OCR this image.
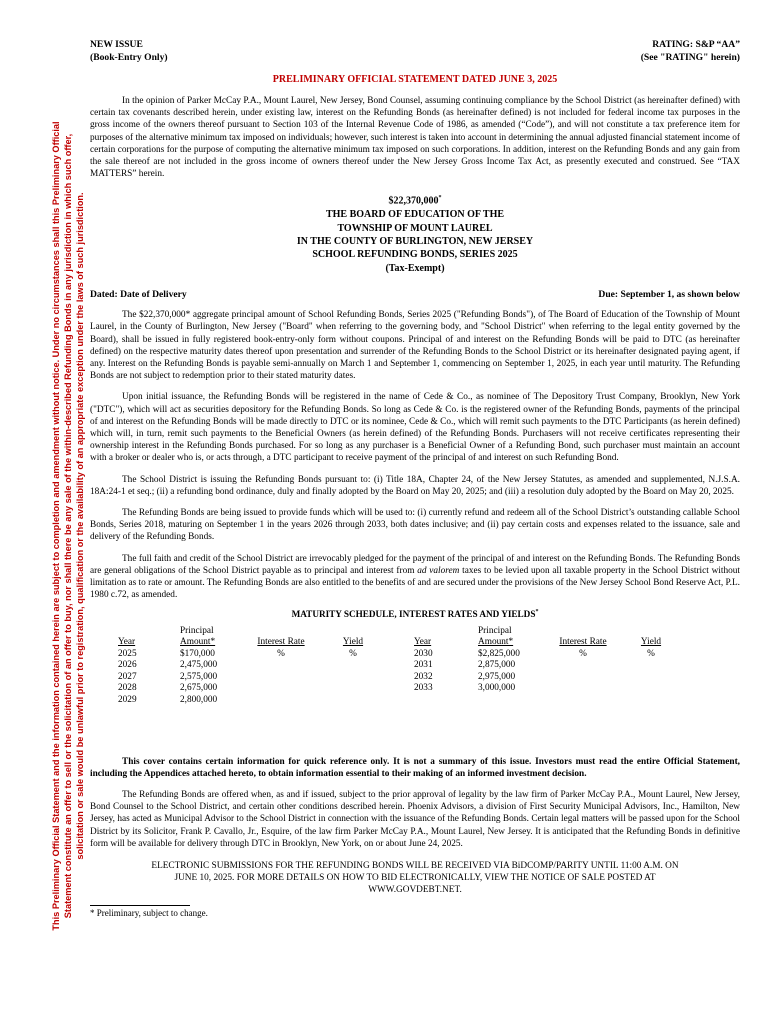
This Preliminary Official Statement and the information contained herein are subject to completion and amendment without notice. Under no circumstances shall this Preliminary Official Statement constitute an offer to sell or the solicitation of an offer to buy, nor shall there be any sale of the within-described Refunding Bonds in any jurisdiction in which such offer, solicitation or sale would be unlawful prior to registration, qualification or the availability of an appropriate exception under the laws of such jurisdiction.
NEW ISSUE
(Book-Entry Only)
RATING: S&P “AA”
(See "RATING" herein)
PRELIMINARY OFFICIAL STATEMENT DATED JUNE 3, 2025

In the opinion of Parker McCay P.A., Mount Laurel, New Jersey, Bond Counsel, assuming continuing compliance by the School District (as hereinafter defined) with certain tax covenants described herein, under existing law, interest on the Refunding Bonds (as hereinafter defined) is not included for federal income tax purposes in the gross income of the owners thereof pursuant to Section 103 of the Internal Revenue Code of 1986, as amended (“Code”), and will not constitute a tax preference item for purposes of the alternative minimum tax imposed on individuals; however, such interest is taken into account in determining the annual adjusted financial statement income of certain corporations for the purpose of computing the alternative minimum tax imposed on such corporations. In addition, interest on the Refunding Bonds and any gain from the sale thereof are not included in the gross income of owners thereof under the New Jersey Gross Income Tax Act, as presently executed and construed. See “TAX MATTERS” herein.

$22,370,000*
THE BOARD OF EDUCATION OF THE
TOWNSHIP OF MOUNT LAUREL
IN THE COUNTY OF BURLINGTON, NEW JERSEY
SCHOOL REFUNDING BONDS, SERIES 2025
(Tax-Exempt)
Dated: Date of Delivery	Due: September 1, as shown below

The $22,370,000* aggregate principal amount of School Refunding Bonds, Series 2025 ("Refunding Bonds"), of The Board of Education of the Township of Mount Laurel, in the County of Burlington, New Jersey ("Board" when referring to the governing body, and "School District" when referring to the legal entity governed by the Board), shall be issued in fully registered book-entry-only form without coupons. Principal of and interest on the Refunding Bonds will be paid to DTC (as hereinafter defined) on the respective maturity dates thereof upon presentation and surrender of the Refunding Bonds to the School District or its hereinafter designated paying agent, if any. Interest on the Refunding Bonds is payable semi-annually on March 1 and September 1, commencing on September 1, 2025, in each year until maturity. The Refunding Bonds are not subject to redemption prior to their stated maturity dates.

Upon initial issuance, the Refunding Bonds will be registered in the name of Cede & Co., as nominee of The Depository Trust Company, Brooklyn, New York ("DTC"), which will act as securities depository for the Refunding Bonds. So long as Cede & Co. is the registered owner of the Refunding Bonds, payments of the principal of and interest on the Refunding Bonds will be made directly to DTC or its nominee, Cede & Co., which will remit such payments to the DTC Participants (as herein defined) which will, in turn, remit such payments to the Beneficial Owners (as herein defined) of the Refunding Bonds. Purchasers will not receive certificates representing their ownership interest in the Refunding Bonds purchased. For so long as any purchaser is a Beneficial Owner of a Refunding Bond, such purchaser must maintain an account with a broker or dealer who is, or acts through, a DTC participant to receive payment of the principal of and interest on such Refunding Bond.

The School District is issuing the Refunding Bonds pursuant to: (i) Title 18A, Chapter 24, of the New Jersey Statutes, as amended and supplemented, N.J.S.A. 18A:24-1 et seq.; (ii) a refunding bond ordinance, duly and finally adopted by the Board on May 20, 2025; and (iii) a resolution duly adopted by the Board on May 20, 2025.

The Refunding Bonds are being issued to provide funds which will be used to: (i) currently refund and redeem all of the School District’s outstanding callable School Bonds, Series 2018, maturing on September 1 in the years 2026 through 2033, both dates inclusive; and (ii) pay certain costs and expenses related to the issuance, sale and delivery of the Refunding Bonds.

The full faith and credit of the School District are irrevocably pledged for the payment of the principal of and interest on the Refunding Bonds. The Refunding Bonds are general obligations of the School District payable as to principal and interest from ad valorem taxes to be levied upon all taxable property in the School District without limitation as to rate or amount. The Refunding Bonds are also entitled to the benefits of and are secured under the provisions of the New Jersey School Bond Reserve Act, P.L. 1980 c.72, as amended.

MATURITY SCHEDULE, INTEREST RATES AND YIELDS*
Year
2025
2026
2027
2028
2029
Principal
Amount*
$170,000
2,475,000
2,575,000
2,675,000
2,800,000
Interest Rate
%
Yield
%
Year
2030
2031
2032
2033
Principal
Amount*
$2,825,000
2,875,000
2,975,000
3,000,000
Interest Rate
%
Yield
%

This cover contains certain information for quick reference only. It is not a summary of this issue. Investors must read the entire Official Statement, including the Appendices attached hereto, to obtain information essential to their making of an informed investment decision.

The Refunding Bonds are offered when, as and if issued, subject to the prior approval of legality by the law firm of Parker McCay P.A., Mount Laurel, New Jersey, Bond Counsel to the School District, and certain other conditions described herein. Phoenix Advisors, a division of First Security Municipal Advisors, Inc., Hamilton, New Jersey, has acted as Municipal Advisor to the School District in connection with the issuance of the Refunding Bonds. Certain legal matters will be passed upon for the School District by its Solicitor, Frank P. Cavallo, Jr., Esquire, of the law firm Parker McCay P.A., Mount Laurel, New Jersey. It is anticipated that the Refunding Bonds in definitive form will be available for delivery through DTC in Brooklyn, New York, on or about June 24, 2025.

ELECTRONIC SUBMISSIONS FOR THE REFUNDING BONDS WILL BE RECEIVED VIA BiDCOMP/PARITY UNTIL 11:00 A.M. ON
JUNE 10, 2025. FOR MORE DETAILS ON HOW TO BID ELECTRONICALLY, VIEW THE NOTICE OF SALE POSTED AT
WWW.GOVDEBT.NET.
* Preliminary, subject to change.
